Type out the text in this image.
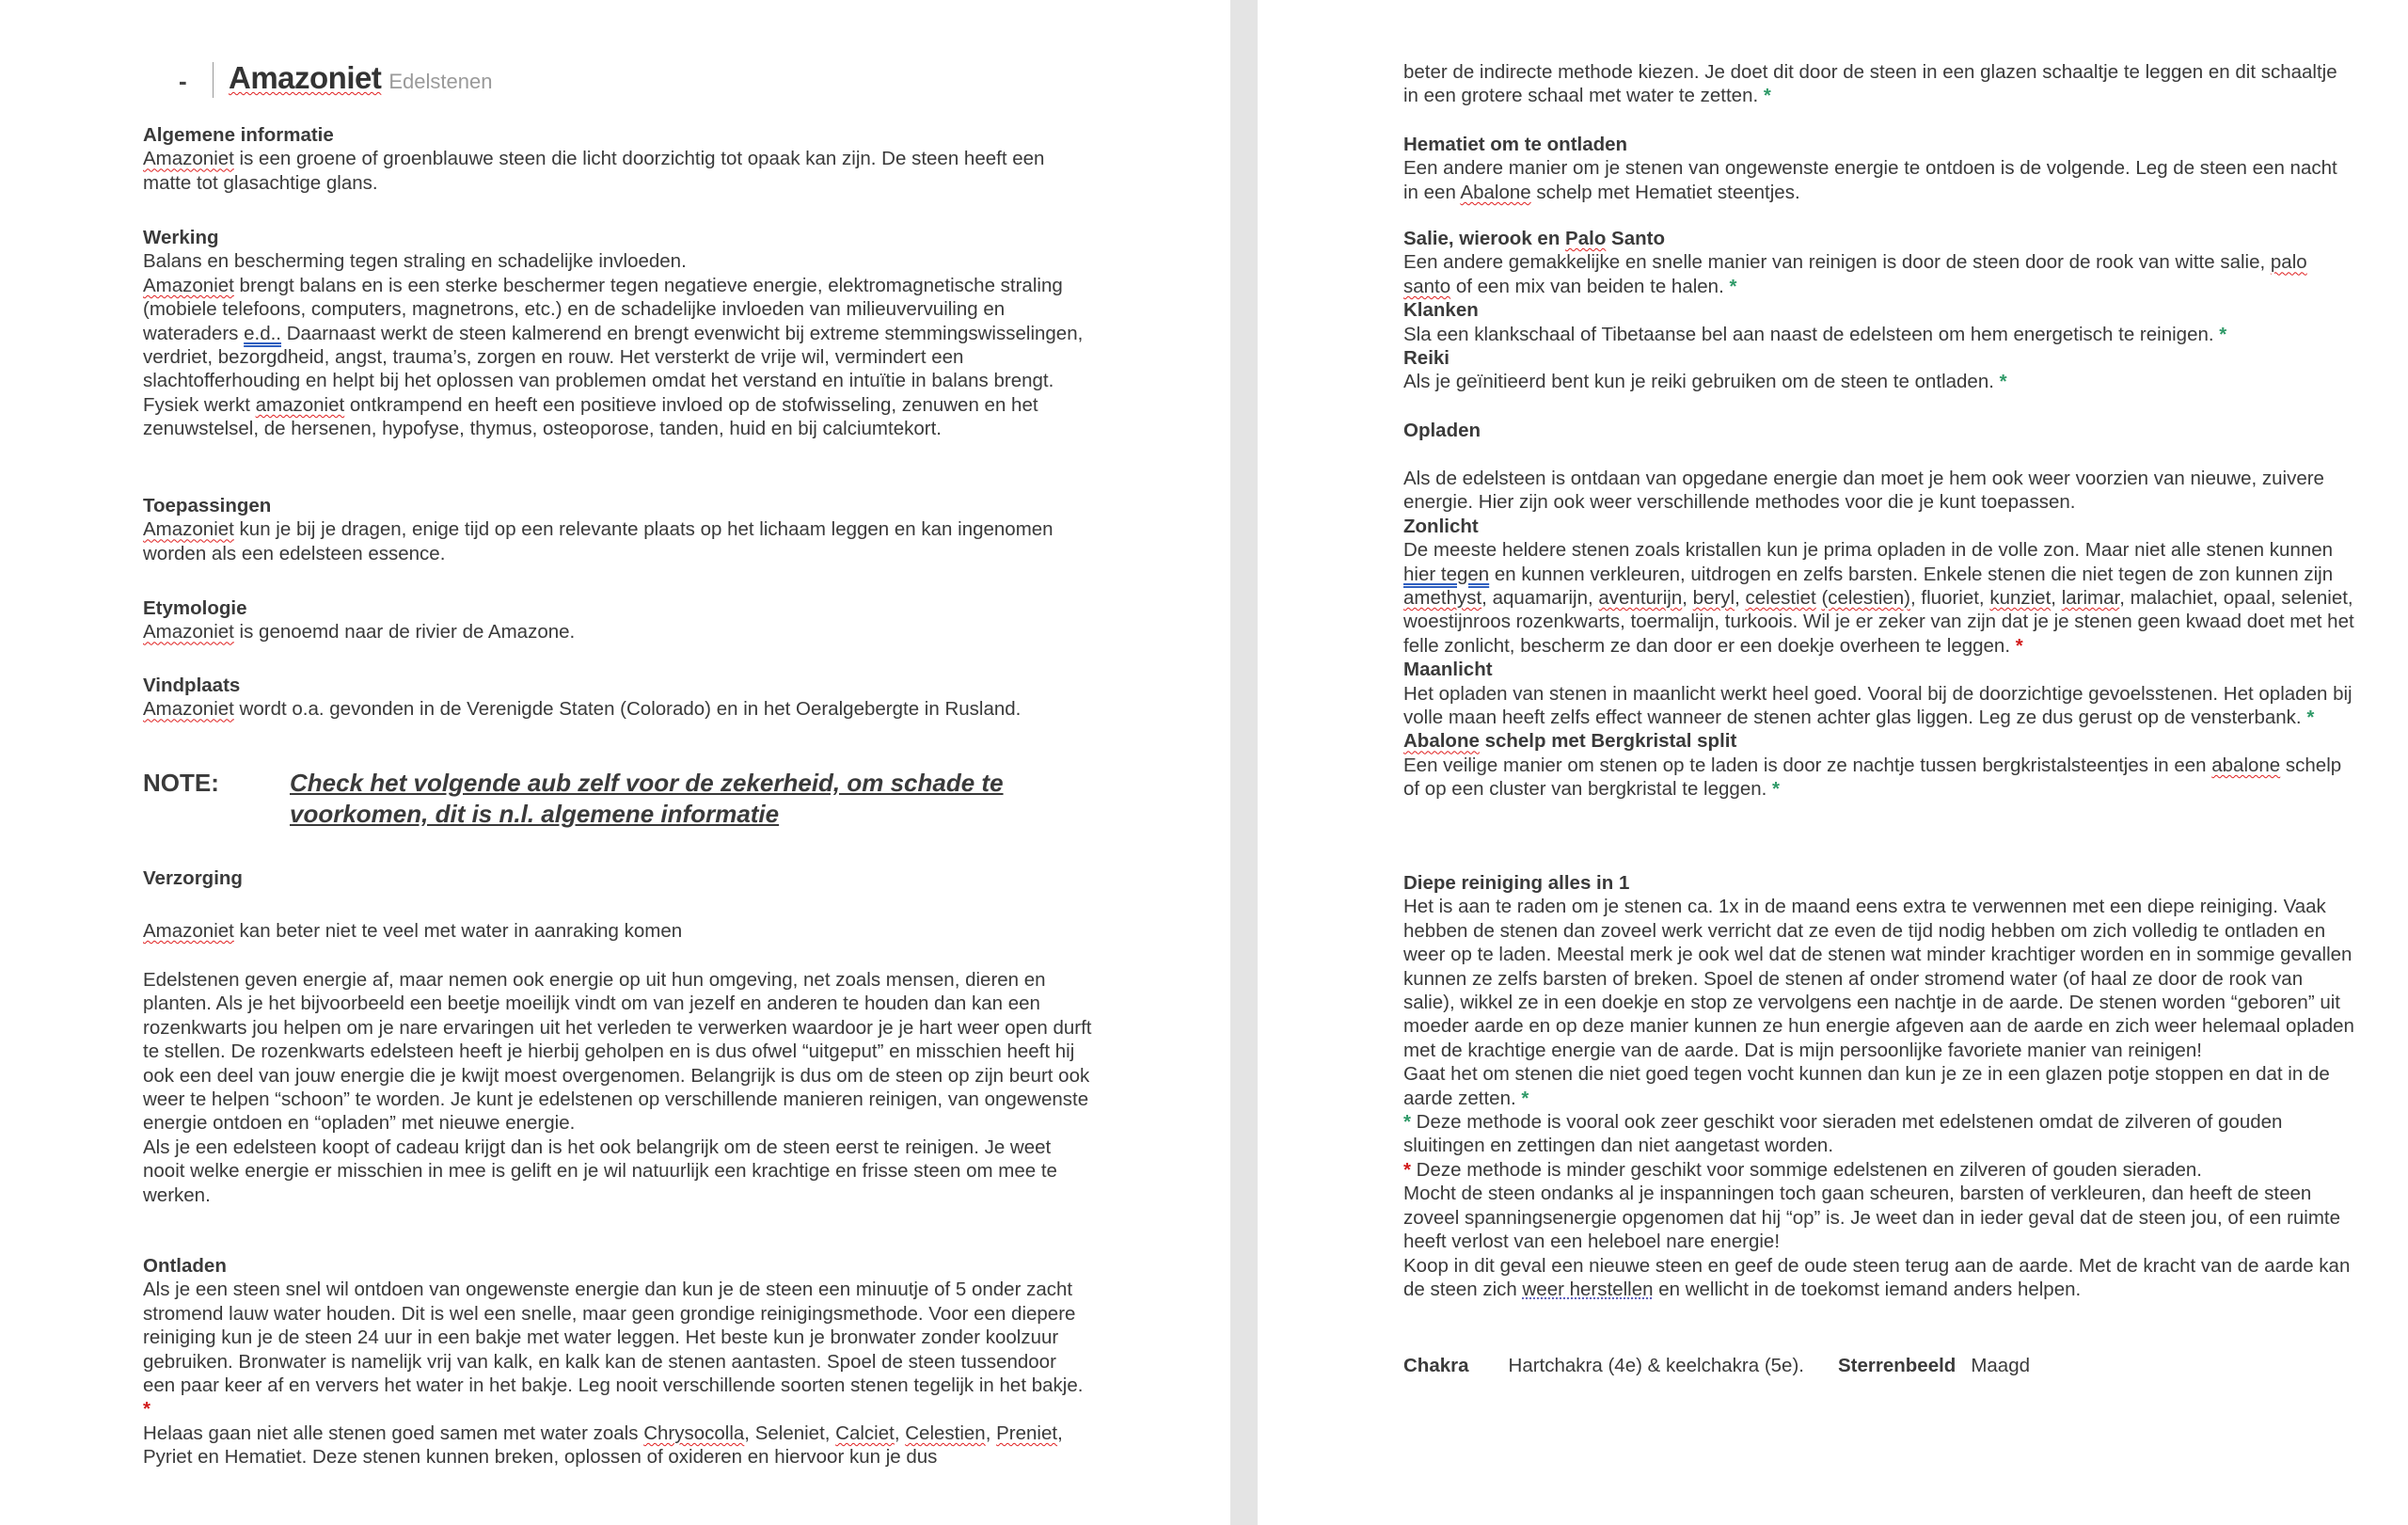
-	Amazoniet Edelstenen
NOTE:	Check het volgende aub zelf voor de zekerheid, om schade te voorkomen, dit is n.l. algemene informatie
Algemene informatie
Amazoniet is een groene of groenblauwe steen die licht doorzichtig tot opaak kan zijn. De steen heeft een matte tot glasachtige glans.
Werking
Balans en bescherming tegen straling en schadelijke invloeden.
Amazoniet brengt balans en is een sterke beschermer tegen negatieve energie, elektromagnetische straling (mobiele telefoons, computers, magnetrons, etc.) en de schadelijke invloeden van milieuvervuiling en wateraders e.d.. Daarnaast werkt de steen kalmerend en brengt evenwicht bij extreme stemmingswisselingen, verdriet, bezorgdheid, angst, trauma’s, zorgen en rouw. Het versterkt de vrije wil, vermindert een slachtofferhouding en helpt bij het oplossen van problemen omdat het verstand en intuïtie in balans brengt. Fysiek werkt amazoniet ontkrampend en heeft een positieve invloed op de stofwisseling, zenuwen en het zenuwstelsel, de hersenen, hypofyse, thymus, osteoporose, tanden, huid en bij calciumtekort.
Toepassingen
Amazoniet kun je bij je dragen, enige tijd op een relevante plaats op het lichaam leggen en kan ingenomen worden als een edelsteen essence.
Etymologie
Amazoniet is genoemd naar de rivier de Amazone.
Vindplaats
Amazoniet wordt o.a. gevonden in de Verenigde Staten (Colorado) en in het Oeralgebergte in Rusland.
Verzorging
Amazoniet kan beter niet te veel met water in aanraking komen
Edelstenen geven energie af, maar nemen ook energie op uit hun omgeving, net zoals mensen, dieren en planten. Als je het bijvoorbeeld een beetje moeilijk vindt om van jezelf en anderen te houden dan kan een rozenkwarts jou helpen om je nare ervaringen uit het verleden te verwerken waardoor je je hart weer open durft te stellen. De rozenkwarts edelsteen heeft je hierbij geholpen en is dus ofwel “uitgeput” en misschien heeft hij ook een deel van jouw energie die je kwijt moest overgenomen. Belangrijk is dus om de steen op zijn beurt ook weer te helpen “schoon” te worden. Je kunt je edelstenen op verschillende manieren reinigen, van ongewenste energie ontdoen en “opladen” met nieuwe energie.
Als je een edelsteen koopt of cadeau krijgt dan is het ook belangrijk om de steen eerst te reinigen. Je weet nooit welke energie er misschien in mee is gelift en je wil natuurlijk een krachtige en frisse steen om mee te werken.
Ontladen
Als je een steen snel wil ontdoen van ongewenste energie dan kun je de steen een minuutje of 5 onder zacht stromend lauw water houden. Dit is wel een snelle, maar geen grondige reinigingsmethode. Voor een diepere reiniging kun je de steen 24 uur in een bakje met water leggen. Het beste kun je bronwater zonder koolzuur gebruiken. Bronwater is namelijk vrij van kalk, en kalk kan de stenen aantasten. Spoel de steen tussendoor een paar keer af en ververs het water in het bakje. Leg nooit verschillende soorten stenen tegelijk in het bakje. *
Helaas gaan niet alle stenen goed samen met water zoals Chrysocolla, Seleniet, Calciet, Celestien, Preniet, Pyriet en Hematiet. Deze stenen kunnen breken, oplossen of oxideren en hiervoor kun je dus
Chakra Hartchakra (4e) & keelchakra (5e). Sterrenbeeld Maagd
beter de indirecte methode kiezen. Je doet dit door de steen in een glazen schaaltje te leggen en dit schaaltje in een grotere schaal met water te zetten. *
Hematiet om te ontladen
Een andere manier om je stenen van ongewenste energie te ontdoen is de volgende. Leg de steen een nacht in een Abalone schelp met Hematiet steentjes.
Salie, wierook en Palo Santo
Een andere gemakkelijke en snelle manier van reinigen is door de steen door de rook van witte salie, palo santo of een mix van beiden te halen. *
Klanken
Sla een klankschaal of Tibetaanse bel aan naast de edelsteen om hem energetisch te reinigen. *
Reiki
Als je geïnitieerd bent kun je reiki gebruiken om de steen te ontladen. *
Opladen
Als de edelsteen is ontdaan van opgedane energie dan moet je hem ook weer voorzien van nieuwe, zuivere energie. Hier zijn ook weer verschillende methodes voor die je kunt toepassen.
Zonlicht
De meeste heldere stenen zoals kristallen kun je prima opladen in de volle zon. Maar niet alle stenen kunnen hier tegen en kunnen verkleuren, uitdrogen en zelfs barsten. Enkele stenen die niet tegen de zon kunnen zijn amethyst, aquamarijn, aventurijn, beryl, celestiet (celestien), fluoriet, kunziet, larimar, malachiet, opaal, seleniet, woestijnroos rozenkwarts, toermalijn, turkoois. Wil je er zeker van zijn dat je je stenen geen kwaad doet met het felle zonlicht, bescherm ze dan door er een doekje overheen te leggen. *
Maanlicht
Het opladen van stenen in maanlicht werkt heel goed. Vooral bij de doorzichtige gevoelsstenen. Het opladen bij volle maan heeft zelfs effect wanneer de stenen achter glas liggen. Leg ze dus gerust op de vensterbank. *
Abalone schelp met Bergkristal split
Een veilige manier om stenen op te laden is door ze nachtje tussen bergkristalsteentjes in een abalone schelp of op een cluster van bergkristal te leggen. *
Diepe reiniging alles in 1
Het is aan te raden om je stenen ca. 1x in de maand eens extra te verwennen met een diepe reiniging. Vaak hebben de stenen dan zoveel werk verricht dat ze even de tijd nodig hebben om zich volledig te ontladen en weer op te laden. Meestal merk je ook wel dat de stenen wat minder krachtiger worden en in sommige gevallen kunnen ze zelfs barsten of breken. Spoel de stenen af onder stromend water (of haal ze door de rook van salie), wikkel ze in een doekje en stop ze vervolgens een nachtje in de aarde. De stenen worden “geboren” uit moeder aarde en op deze manier kunnen ze hun energie afgeven aan de aarde en zich weer helemaal opladen met de krachtige energie van de aarde. Dat is mijn persoonlijke favoriete manier van reinigen!
Gaat het om stenen die niet goed tegen vocht kunnen dan kun je ze in een glazen potje stoppen en dat in de aarde zetten. *
* Deze methode is vooral ook zeer geschikt voor sieraden met edelstenen omdat de zilveren of gouden sluitingen en zettingen dan niet aangetast worden.
* Deze methode is minder geschikt voor sommige edelstenen en zilveren of gouden sieraden.
Mocht de steen ondanks al je inspanningen toch gaan scheuren, barsten of verkleuren, dan heeft de steen zoveel spanningsenergie opgenomen dat hij “op” is. Je weet dan in ieder geval dat de steen jou, of een ruimte heeft verlost van een heleboel nare energie!
Koop in dit geval een nieuwe steen en geef de oude steen terug aan de aarde. Met de kracht van de aarde kan de steen zich weer herstellen en wellicht in de toekomst iemand anders helpen.
